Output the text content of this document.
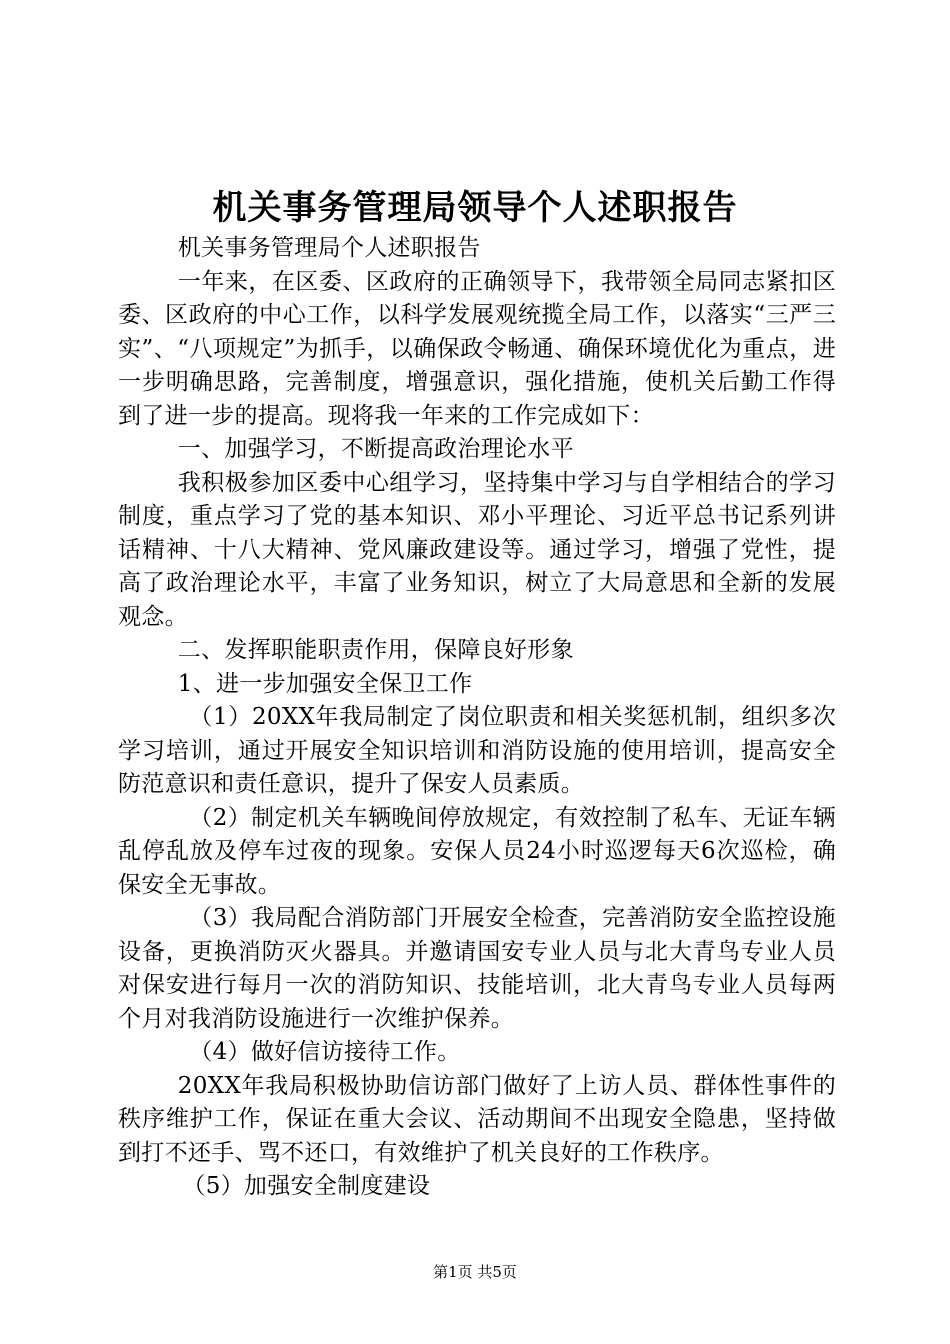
机关事务管理局领导个人述职报告

机关事务管理局个人述职报告

一年来，在区委、区政府的正确领导下，我带领全局同志紧扣区委、区政府的中心工作，以科学发展观统揽全局工作，以落实“三严三实”、“八项规定”为抓手，以确保政令畅通、确保环境优化为重点，进一步明确思路，完善制度，增强意识，强化措施，使机关后勤工作得到了进一步的提高。现将我一年来的工作完成如下：

一、加强学习，不断提高政治理论水平

我积极参加区委中心组学习，坚持集中学习与自学相结合的学习制度，重点学习了党的基本知识、邓小平理论、习近平总书记系列讲话精神、十八大精神、党风廉政建设等。通过学习，增强了党性，提高了政治理论水平，丰富了业务知识，树立了大局意思和全新的发展观念。

二、发挥职能职责作用，保障良好形象

1、进一步加强安全保卫工作

（1）20XX年我局制定了岗位职责和相关奖惩机制，组织多次学习培训，通过开展安全知识培训和消防设施的使用培训，提高安全防范意识和责任意识，提升了保安人员素质。

（2）制定机关车辆晚间停放规定，有效控制了私车、无证车辆乱停乱放及停车过夜的现象。安保人员24小时巡逻每天6次巡检，确保安全无事故。

（3）我局配合消防部门开展安全检查，完善消防安全监控设施设备，更换消防灭火器具。并邀请国安专业人员与北大青鸟专业人员对保安进行每月一次的消防知识、技能培训，北大青鸟专业人员每两个月对我消防设施进行一次维护保养。

（4）做好信访接待工作。

20XX年我局积极协助信访部门做好了上访人员、群体性事件的秩序维护工作，保证在重大会议、活动期间不出现安全隐患，坚持做到打不还手、骂不还口，有效维护了机关良好的工作秩序。

（5）加强安全制度建设

第1页 共5页
